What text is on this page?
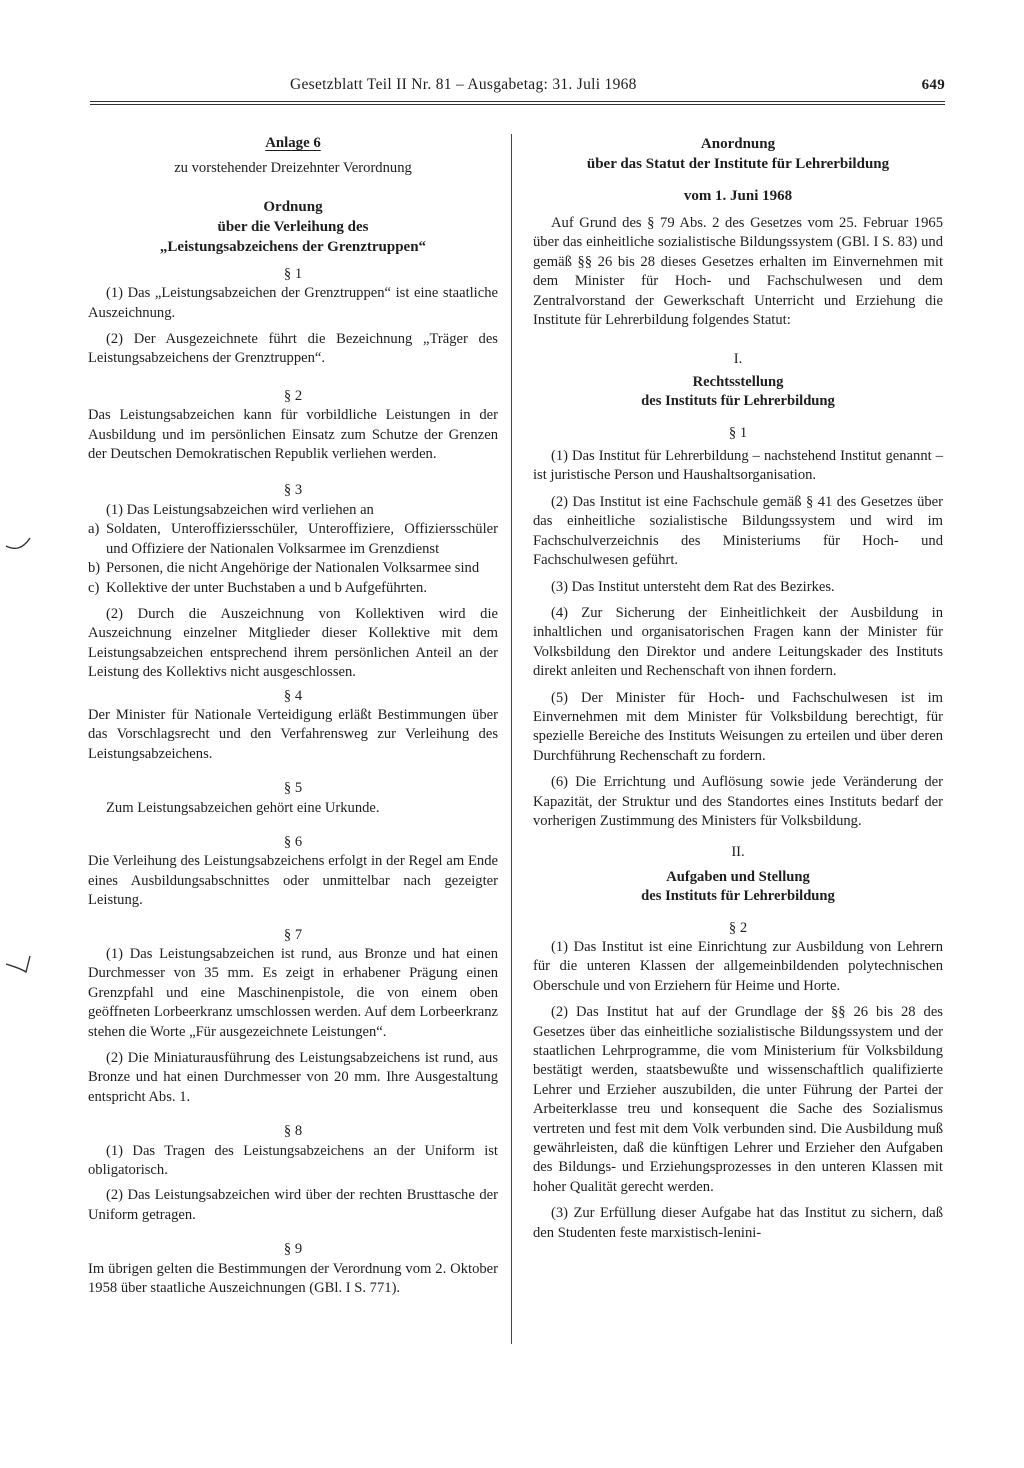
Gesetzblatt Teil II Nr. 81 – Ausgabetag: 31. Juli 1968	649
Anlage 6

zu vorstehender Dreizehnter Verordnung

Ordnung
über die Verleihung des
„Leistungsabzeichens der Grenztruppen“

§ 1

(1) Das „Leistungsabzeichen der Grenztruppen“ ist eine staatliche Auszeichnung.

(2) Der Ausgezeichnete führt die Bezeichnung „Träger des Leistungsabzeichens der Grenztruppen“.

§ 2

Das Leistungsabzeichen kann für vorbildliche Leistungen in der Ausbildung und im persönlichen Einsatz zum Schutze der Grenzen der Deutschen Demokratischen Republik verliehen werden.

§ 3

(1) Das Leistungsabzeichen wird verliehen an

a) Soldaten, Unteroffiziersschüler, Unteroffiziere, Offiziersschüler und Offiziere der Nationalen Volksarmee im Grenzdienst
b) Personen, die nicht Angehörige der Nationalen Volksarmee sind
c) Kollektive der unter Buchstaben a und b Aufgeführten.

(2) Durch die Auszeichnung von Kollektiven wird die Auszeichnung einzelner Mitglieder dieser Kollektive mit dem Leistungsabzeichen entsprechend ihrem persönlichen Anteil an der Leistung des Kollektivs nicht ausgeschlossen.

§ 4

Der Minister für Nationale Verteidigung erläßt Bestimmungen über das Vorschlagsrecht und den Verfahrensweg zur Verleihung des Leistungsabzeichens.

§ 5

Zum Leistungsabzeichen gehört eine Urkunde.

§ 6

Die Verleihung des Leistungsabzeichens erfolgt in der Regel am Ende eines Ausbildungsabschnittes oder unmittelbar nach gezeigter Leistung.

§ 7

(1) Das Leistungsabzeichen ist rund, aus Bronze und hat einen Durchmesser von 35 mm. Es zeigt in erhabener Prägung einen Grenzpfahl und eine Maschinenpistole, die von einem oben geöffneten Lorbeerkranz umschlossen werden. Auf dem Lorbeerkranz stehen die Worte „Für ausgezeichnete Leistungen“.

(2) Die Miniaturausführung des Leistungsabzeichens ist rund, aus Bronze und hat einen Durchmesser von 20 mm. Ihre Ausgestaltung entspricht Abs. 1.

§ 8

(1) Das Tragen des Leistungsabzeichens an der Uniform ist obligatorisch.

(2) Das Leistungsabzeichen wird über der rechten Brusttasche der Uniform getragen.

§ 9

Im übrigen gelten die Bestimmungen der Verordnung vom 2. Oktober 1958 über staatliche Auszeichnungen (GBl. I S. 771).

Anordnung
über das Statut der Institute für Lehrerbildung

vom 1. Juni 1968

Auf Grund des § 79 Abs. 2 des Gesetzes vom 25. Februar 1965 über das einheitliche sozialistische Bildungssystem (GBl. I S. 83) und gemäß §§ 26 bis 28 dieses Gesetzes erhalten im Einvernehmen mit dem Minister für Hoch- und Fachschulwesen und dem Zentralvorstand der Gewerkschaft Unterricht und Erziehung die Institute für Lehrerbildung folgendes Statut:

I.

Rechtsstellung
des Instituts für Lehrerbildung

§ 1

(1) Das Institut für Lehrerbildung – nachstehend Institut genannt – ist juristische Person und Haushaltsorganisation.

(2) Das Institut ist eine Fachschule gemäß § 41 des Gesetzes über das einheitliche sozialistische Bildungssystem und wird im Fachschulverzeichnis des Ministeriums für Hoch- und Fachschulwesen geführt.

(3) Das Institut untersteht dem Rat des Bezirkes.

(4) Zur Sicherung der Einheitlichkeit der Ausbildung in inhaltlichen und organisatorischen Fragen kann der Minister für Volksbildung den Direktor und andere Leitungskader des Instituts direkt anleiten und Rechenschaft von ihnen fordern.

(5) Der Minister für Hoch- und Fachschulwesen ist im Einvernehmen mit dem Minister für Volksbildung berechtigt, für spezielle Bereiche des Instituts Weisungen zu erteilen und über deren Durchführung Rechenschaft zu fordern.

(6) Die Errichtung und Auflösung sowie jede Veränderung der Kapazität, der Struktur und des Standortes eines Instituts bedarf der vorherigen Zustimmung des Ministers für Volksbildung.

II.

Aufgaben und Stellung
des Instituts für Lehrerbildung

§ 2

(1) Das Institut ist eine Einrichtung zur Ausbildung von Lehrern für die unteren Klassen der allgemeinbildenden polytechnischen Oberschule und von Erziehern für Heime und Horte.

(2) Das Institut hat auf der Grundlage der §§ 26 bis 28 des Gesetzes über das einheitliche sozialistische Bildungssystem und der staatlichen Lehrprogramme, die vom Ministerium für Volksbildung bestätigt werden, staatsbewußte und wissenschaftlich qualifizierte Lehrer und Erzieher auszubilden, die unter Führung der Partei der Arbeiterklasse treu und konsequent die Sache des Sozialismus vertreten und fest mit dem Volk verbunden sind. Die Ausbildung muß gewährleisten, daß die künftigen Lehrer und Erzieher den Aufgaben des Bildungs- und Erziehungsprozesses in den unteren Klassen mit hoher Qualität gerecht werden.

(3) Zur Erfüllung dieser Aufgabe hat das Institut zu sichern, daß den Studenten feste marxistisch-lenini-
